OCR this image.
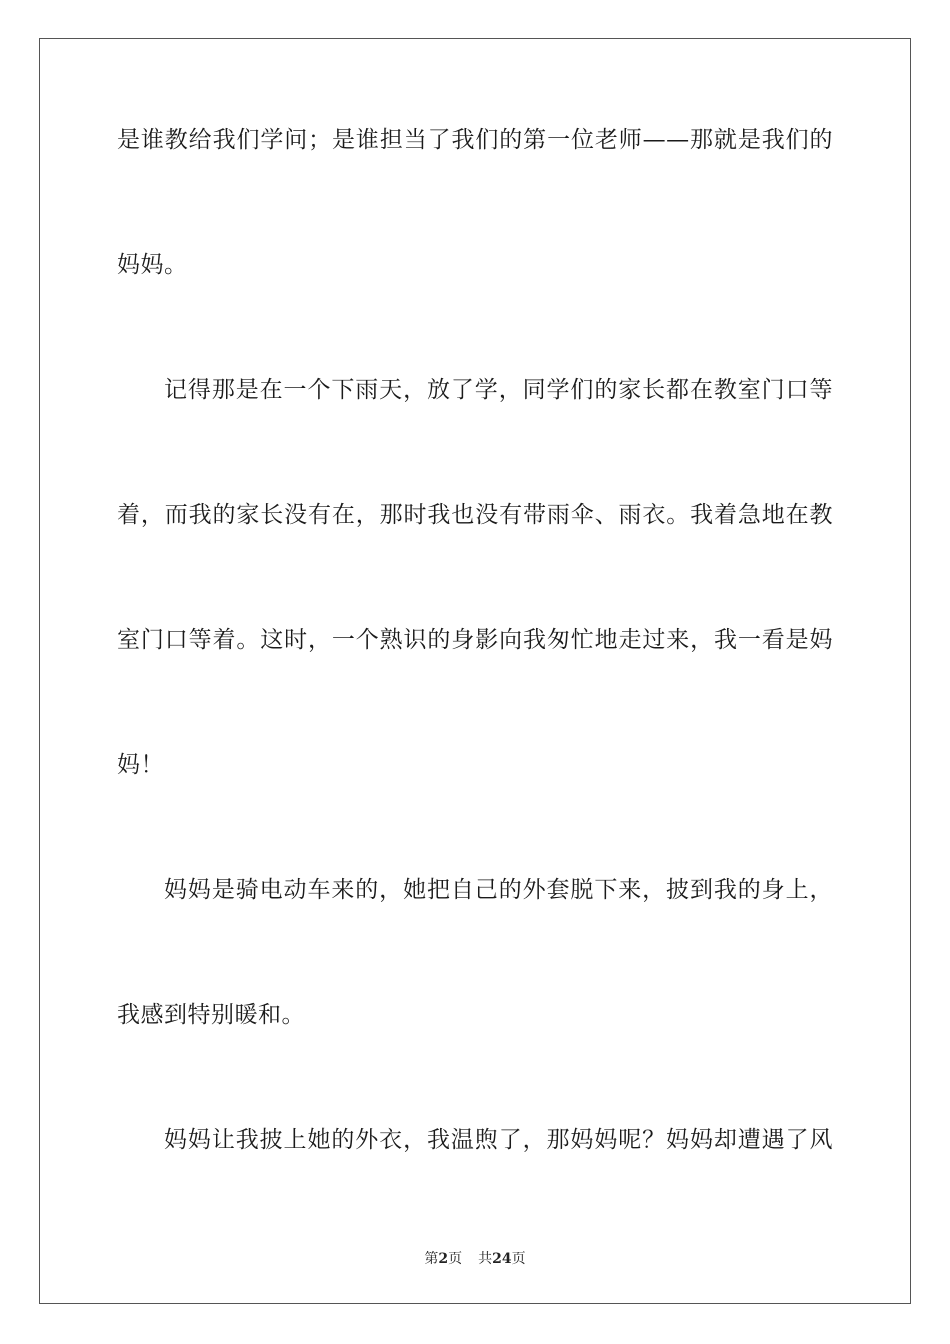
是谁教给我们学问；是谁担当了我们的第一位老师——那就是我们的

妈妈。

记得那是在一个下雨天，放了学，同学们的家长都在教室门口等

着，而我的家长没有在，那时我也没有带雨伞、雨衣。我着急地在教

室门口等着。这时，一个熟识的身影向我匆忙地走过来，我一看是妈

妈！

妈妈是骑电动车来的，她把自己的外套脱下来，披到我的身上，

我感到特别暖和。

妈妈让我披上她的外衣，我温煦了，那妈妈呢？妈妈却遭遇了风

第2页 共24页
